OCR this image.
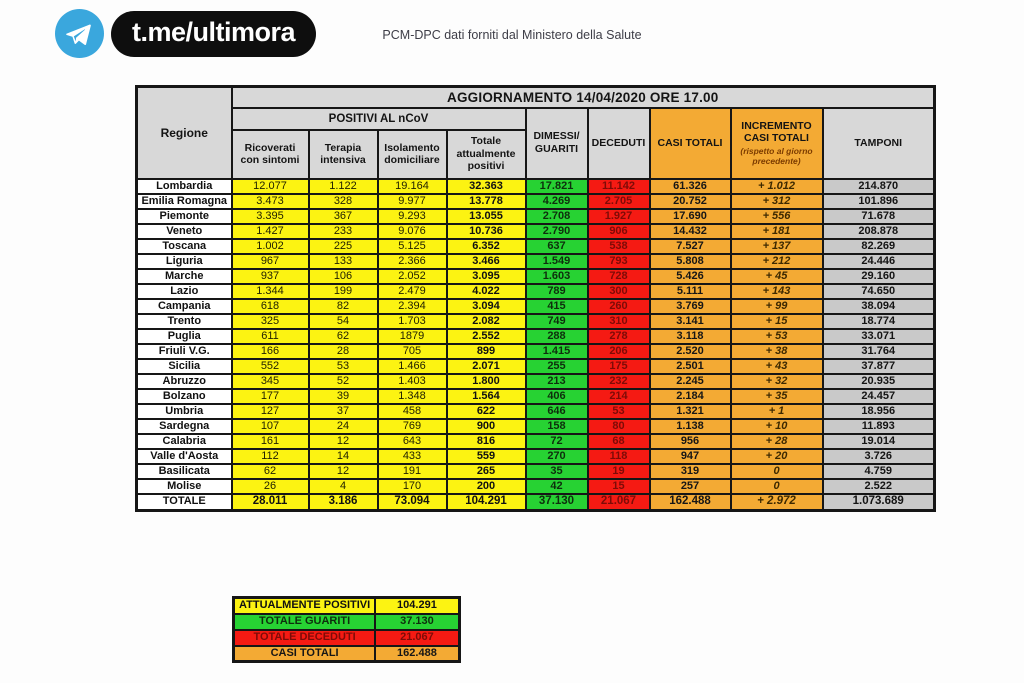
t.me/ultimora	PCM-DPC dati forniti dal Ministero della Salute
Regione	AGGIORNAMENTO 14/04/2020 ORE 17.00								
	POSITIVI AL nCoV				DIMESSI/ GUARITI	DECEDUTI	CASI TOTALI	INCREMENTO CASI TOTALI
(rispetto al giorno precedente)	TAMPONI
	Ricoverati con sintomi	Terapia intensiva	Isolamento domiciliare	Totale attualmente positivi					
Lombardia	12.077	1.122	19.164	32.363	17.821	11.142	61.326	+ 1.012	214.870
Emilia Romagna	3.473	328	9.977	13.778	4.269	2.705	20.752	+ 312	101.896
Piemonte	3.395	367	9.293	13.055	2.708	1.927	17.690	+ 556	71.678
Veneto	1.427	233	9.076	10.736	2.790	906	14.432	+ 181	208.878
Toscana	1.002	225	5.125	6.352	637	538	7.527	+ 137	82.269
Liguria	967	133	2.366	3.466	1.549	793	5.808	+ 212	24.446
Marche	937	106	2.052	3.095	1.603	728	5.426	+ 45	29.160
Lazio	1.344	199	2.479	4.022	789	300	5.111	+ 143	74.650
Campania	618	82	2.394	3.094	415	260	3.769	+ 99	38.094
Trento	325	54	1.703	2.082	749	310	3.141	+ 15	18.774
Puglia	611	62	1879	2.552	288	278	3.118	+ 53	33.071
Friuli V.G.	166	28	705	899	1.415	206	2.520	+ 38	31.764
Sicilia	552	53	1.466	2.071	255	175	2.501	+ 43	37.877
Abruzzo	345	52	1.403	1.800	213	232	2.245	+ 32	20.935
Bolzano	177	39	1.348	1.564	406	214	2.184	+ 35	24.457
Umbria	127	37	458	622	646	53	1.321	+ 1	18.956
Sardegna	107	24	769	900	158	80	1.138	+ 10	11.893
Calabria	161	12	643	816	72	68	956	+ 28	19.014
Valle d'Aosta	112	14	433	559	270	118	947	+ 20	3.726
Basilicata	62	12	191	265	35	19	319	0	4.759
Molise	26	4	170	200	42	15	257	0	2.522
TOTALE	28.011	3.186	73.094	104.291	37.130	21.067	162.488	+ 2.972	1.073.689
ATTUALMENTE POSITIVI	104.291
TOTALE GUARITI	37.130
TOTALE DECEDUTI	21.067
CASI TOTALI	162.488
